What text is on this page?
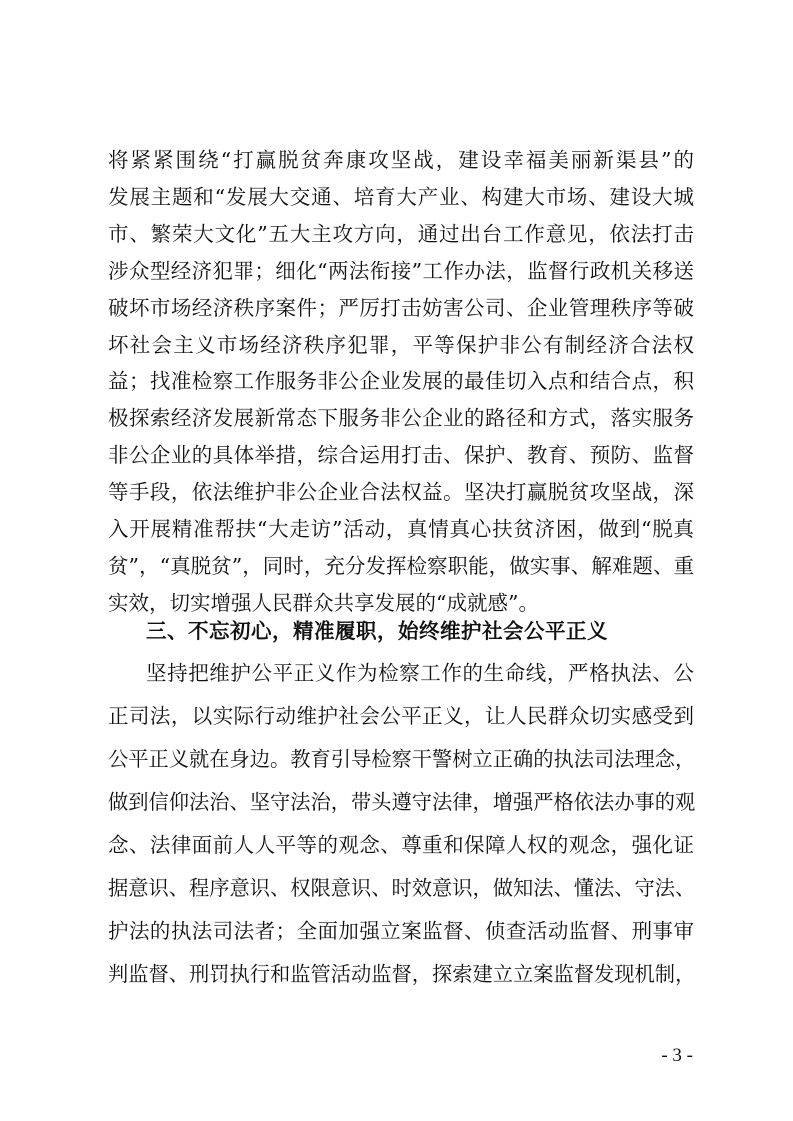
将紧紧围绕“打赢脱贫奔康攻坚战，建设幸福美丽新渠县”的
发展主题和“发展大交通、培育大产业、构建大市场、建设大城
市、繁荣大文化”五大主攻方向，通过出台工作意见，依法打击
涉众型经济犯罪；细化“两法衔接”工作办法，监督行政机关移送
破坏市场经济秩序案件；严厉打击妨害公司、企业管理秩序等破
坏社会主义市场经济秩序犯罪，平等保护非公有制经济合法权
益；找准检察工作服务非公企业发展的最佳切入点和结合点，积
极探索经济发展新常态下服务非公企业的路径和方式，落实服务
非公企业的具体举措，综合运用打击、保护、教育、预防、监督
等手段，依法维护非公企业合法权益。坚决打赢脱贫攻坚战，深
入开展精准帮扶“大走访”活动，真情真心扶贫济困，做到“脱真
贫”，“真脱贫”，同时，充分发挥检察职能，做实事、解难题、重
实效，切实增强人民群众共享发展的“成就感”。
三、不忘初心，精准履职，始终维护社会公平正义
坚持把维护公平正义作为检察工作的生命线，严格执法、公
正司法，以实际行动维护社会公平正义，让人民群众切实感受到
公平正义就在身边。教育引导检察干警树立正确的执法司法理念，
做到信仰法治、坚守法治，带头遵守法律，增强严格依法办事的观
念、法律面前人人平等的观念、尊重和保障人权的观念，强化证
据意识、程序意识、权限意识、时效意识，做知法、懂法、守法、
护法的执法司法者；全面加强立案监督、侦查活动监督、刑事审
判监督、刑罚执行和监管活动监督，探索建立立案监督发现机制，
- 3 -
